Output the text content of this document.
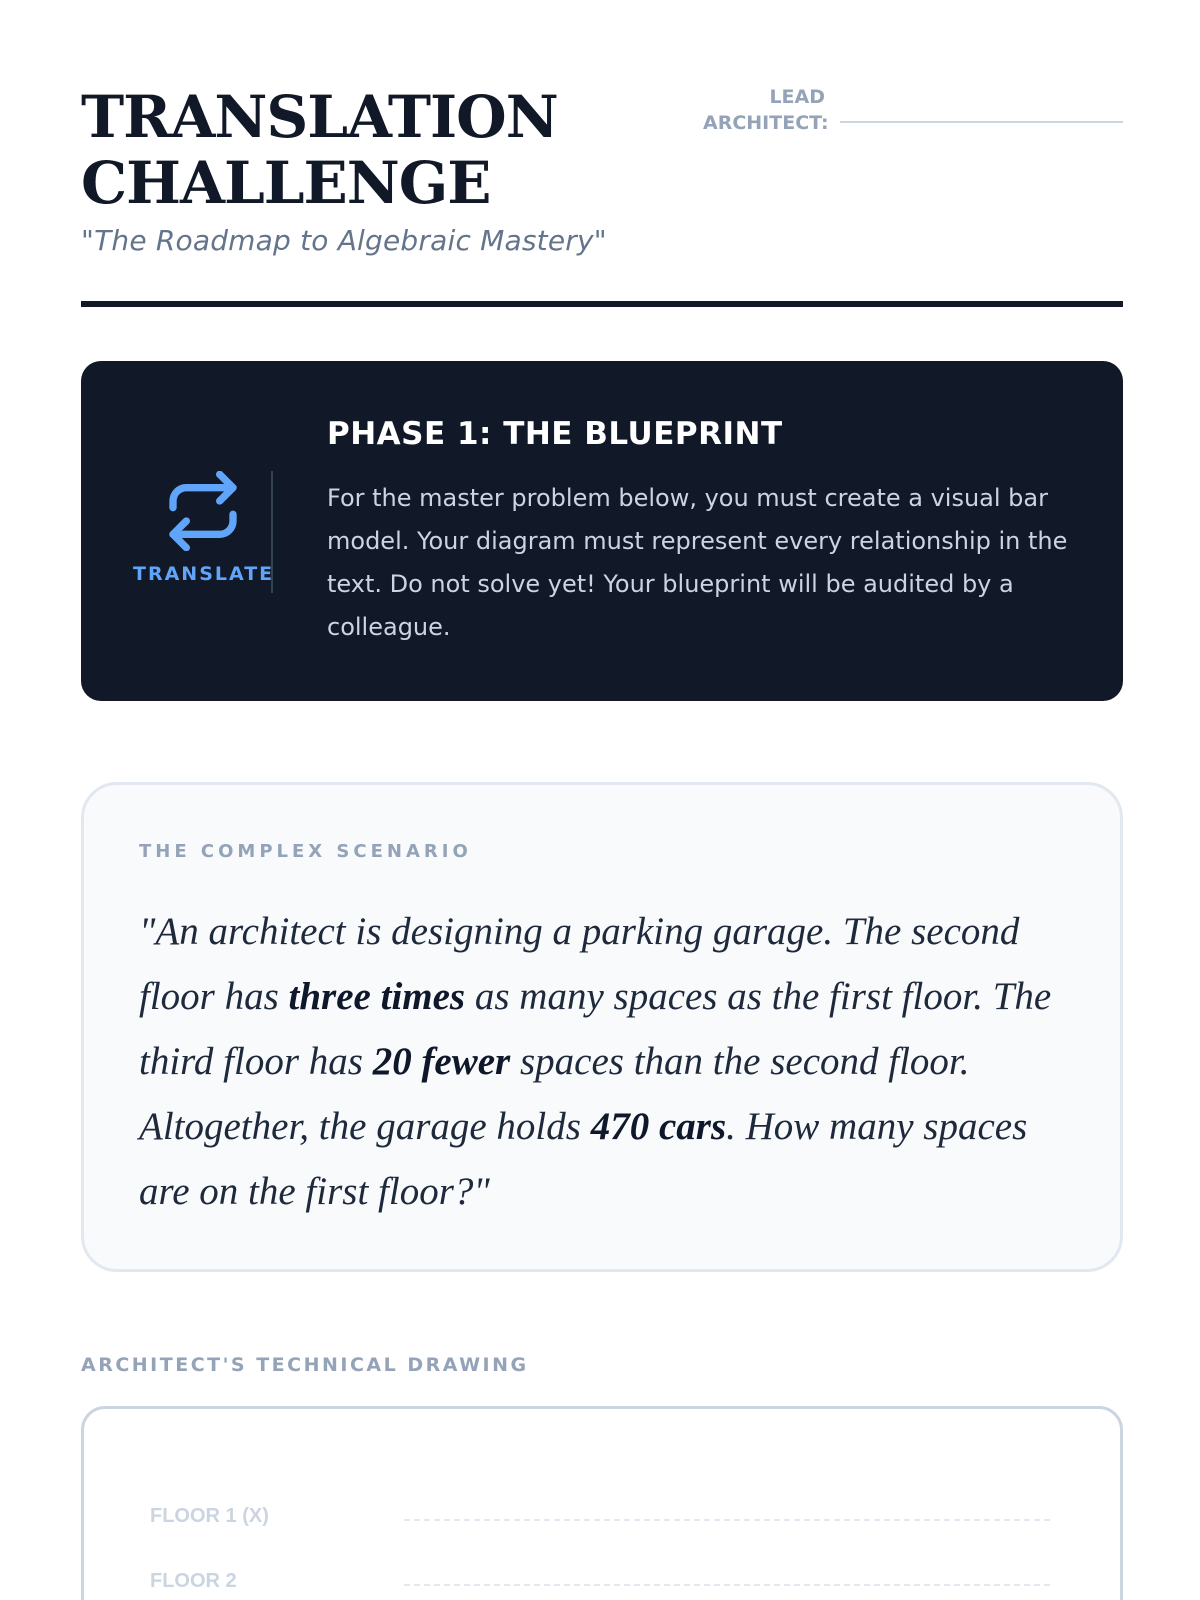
TRANSLATION
CHALLENGE
"The Roadmap to Algebraic Mastery"
LEAD
ARCHITECT:
TRANSLATE
PHASE 1: THE BLUEPRINT

For the master problem below, you must create a visual bar model. Your diagram must represent every relationship in the text. Do not solve yet! Your blueprint will be audited by a colleague.

THE COMPLEX SCENARIO

"An architect is designing a parking garage. The second floor has three times as many spaces as the first floor. The third floor has 20 fewer spaces than the second floor. Altogether, the garage holds 470 cars. How many spaces are on the first floor?"

ARCHITECT'S TECHNICAL DRAWING
FLOOR 1 (X)
FLOOR 2
